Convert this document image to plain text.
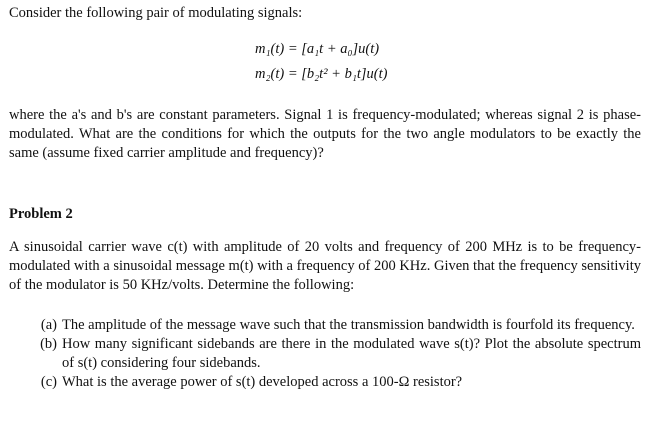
Consider the following pair of modulating signals:

m₁(t) = [a₁t + a₀]u(t)
m₂(t) = [b₂t² + b₁t]u(t)

where the a's and b's are constant parameters. Signal 1 is frequency-modulated; whereas signal 2 is phase-modulated. What are the conditions for which the outputs for the two angle modulators to be exactly the same (assume fixed carrier amplitude and frequency)?

Problem 2

A sinusoidal carrier wave c(t) with amplitude of 20 volts and frequency of 200 MHz is to be frequency-modulated with a sinusoidal message m(t) with a frequency of 200 KHz. Given that the frequency sensitivity of the modulator is 50 KHz/volts. Determine the following:

(a) The amplitude of the message wave such that the transmission bandwidth is fourfold its frequency.
(b) How many significant sidebands are there in the modulated wave s(t)? Plot the absolute spectrum of s(t) considering four sidebands.
(c) What is the average power of s(t) developed across a 100-Ω resistor?
